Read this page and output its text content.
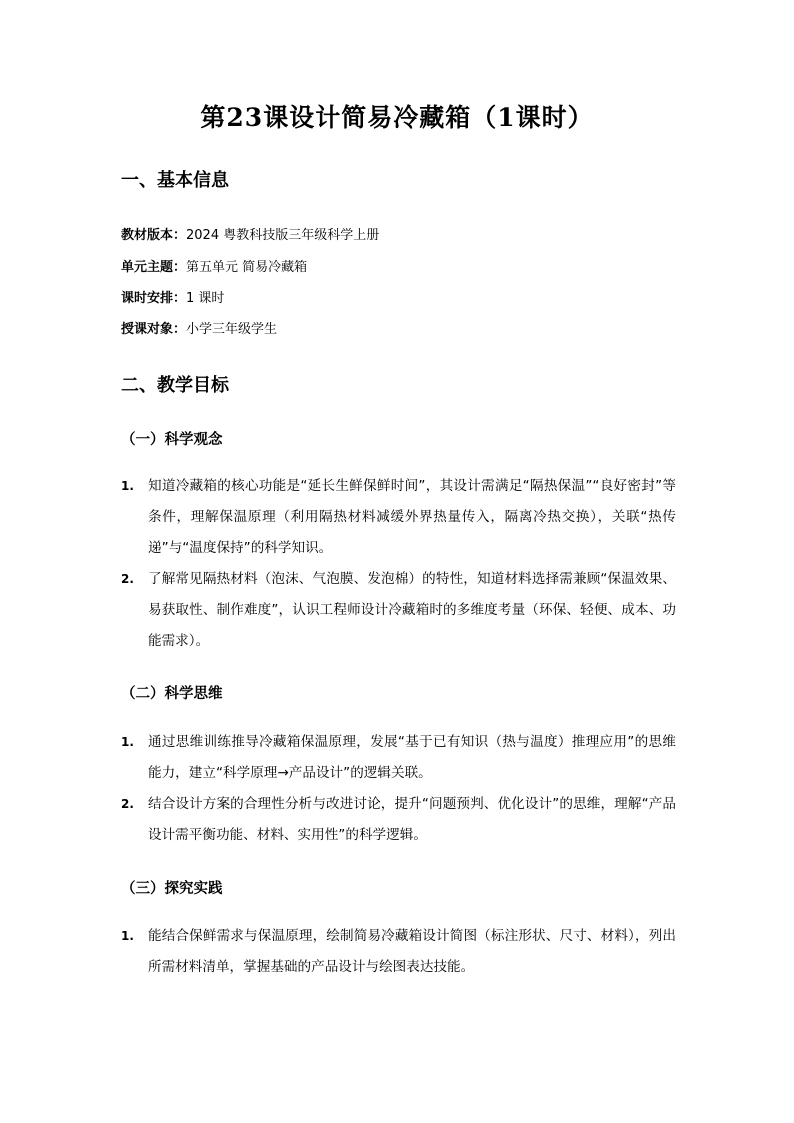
第23课设计简易冷藏箱（1课时）
一、基本信息
教材版本：2024 粤教科技版三年级科学上册
单元主题：第五单元 简易冷藏箱
课时安排：1 课时
授课对象：小学三年级学生
二、教学目标
（一）科学观念
1. 知道冷藏箱的核心功能是“延长生鲜保鲜时间”，其设计需满足“隔热保温”“良好密封”等条件，理解保温原理（利用隔热材料减缓外界热量传入，隔离冷热交换），关联“热传递”与“温度保持”的科学知识。
2. 了解常见隔热材料（泡沫、气泡膜、发泡棉）的特性，知道材料选择需兼顾“保温效果、易获取性、制作难度”，认识工程师设计冷藏箱时的多维度考量（环保、轻便、成本、功能需求）。
（二）科学思维
1. 通过思维训练推导冷藏箱保温原理，发展“基于已有知识（热与温度）推理应用”的思维能力，建立“科学原理→产品设计”的逻辑关联。
2. 结合设计方案的合理性分析与改进讨论，提升“问题预判、优化设计”的思维，理解“产品设计需平衡功能、材料、实用性”的科学逻辑。
（三）探究实践
1. 能结合保鲜需求与保温原理，绘制简易冷藏箱设计简图（标注形状、尺寸、材料），列出所需材料清单，掌握基础的产品设计与绘图表达技能。
